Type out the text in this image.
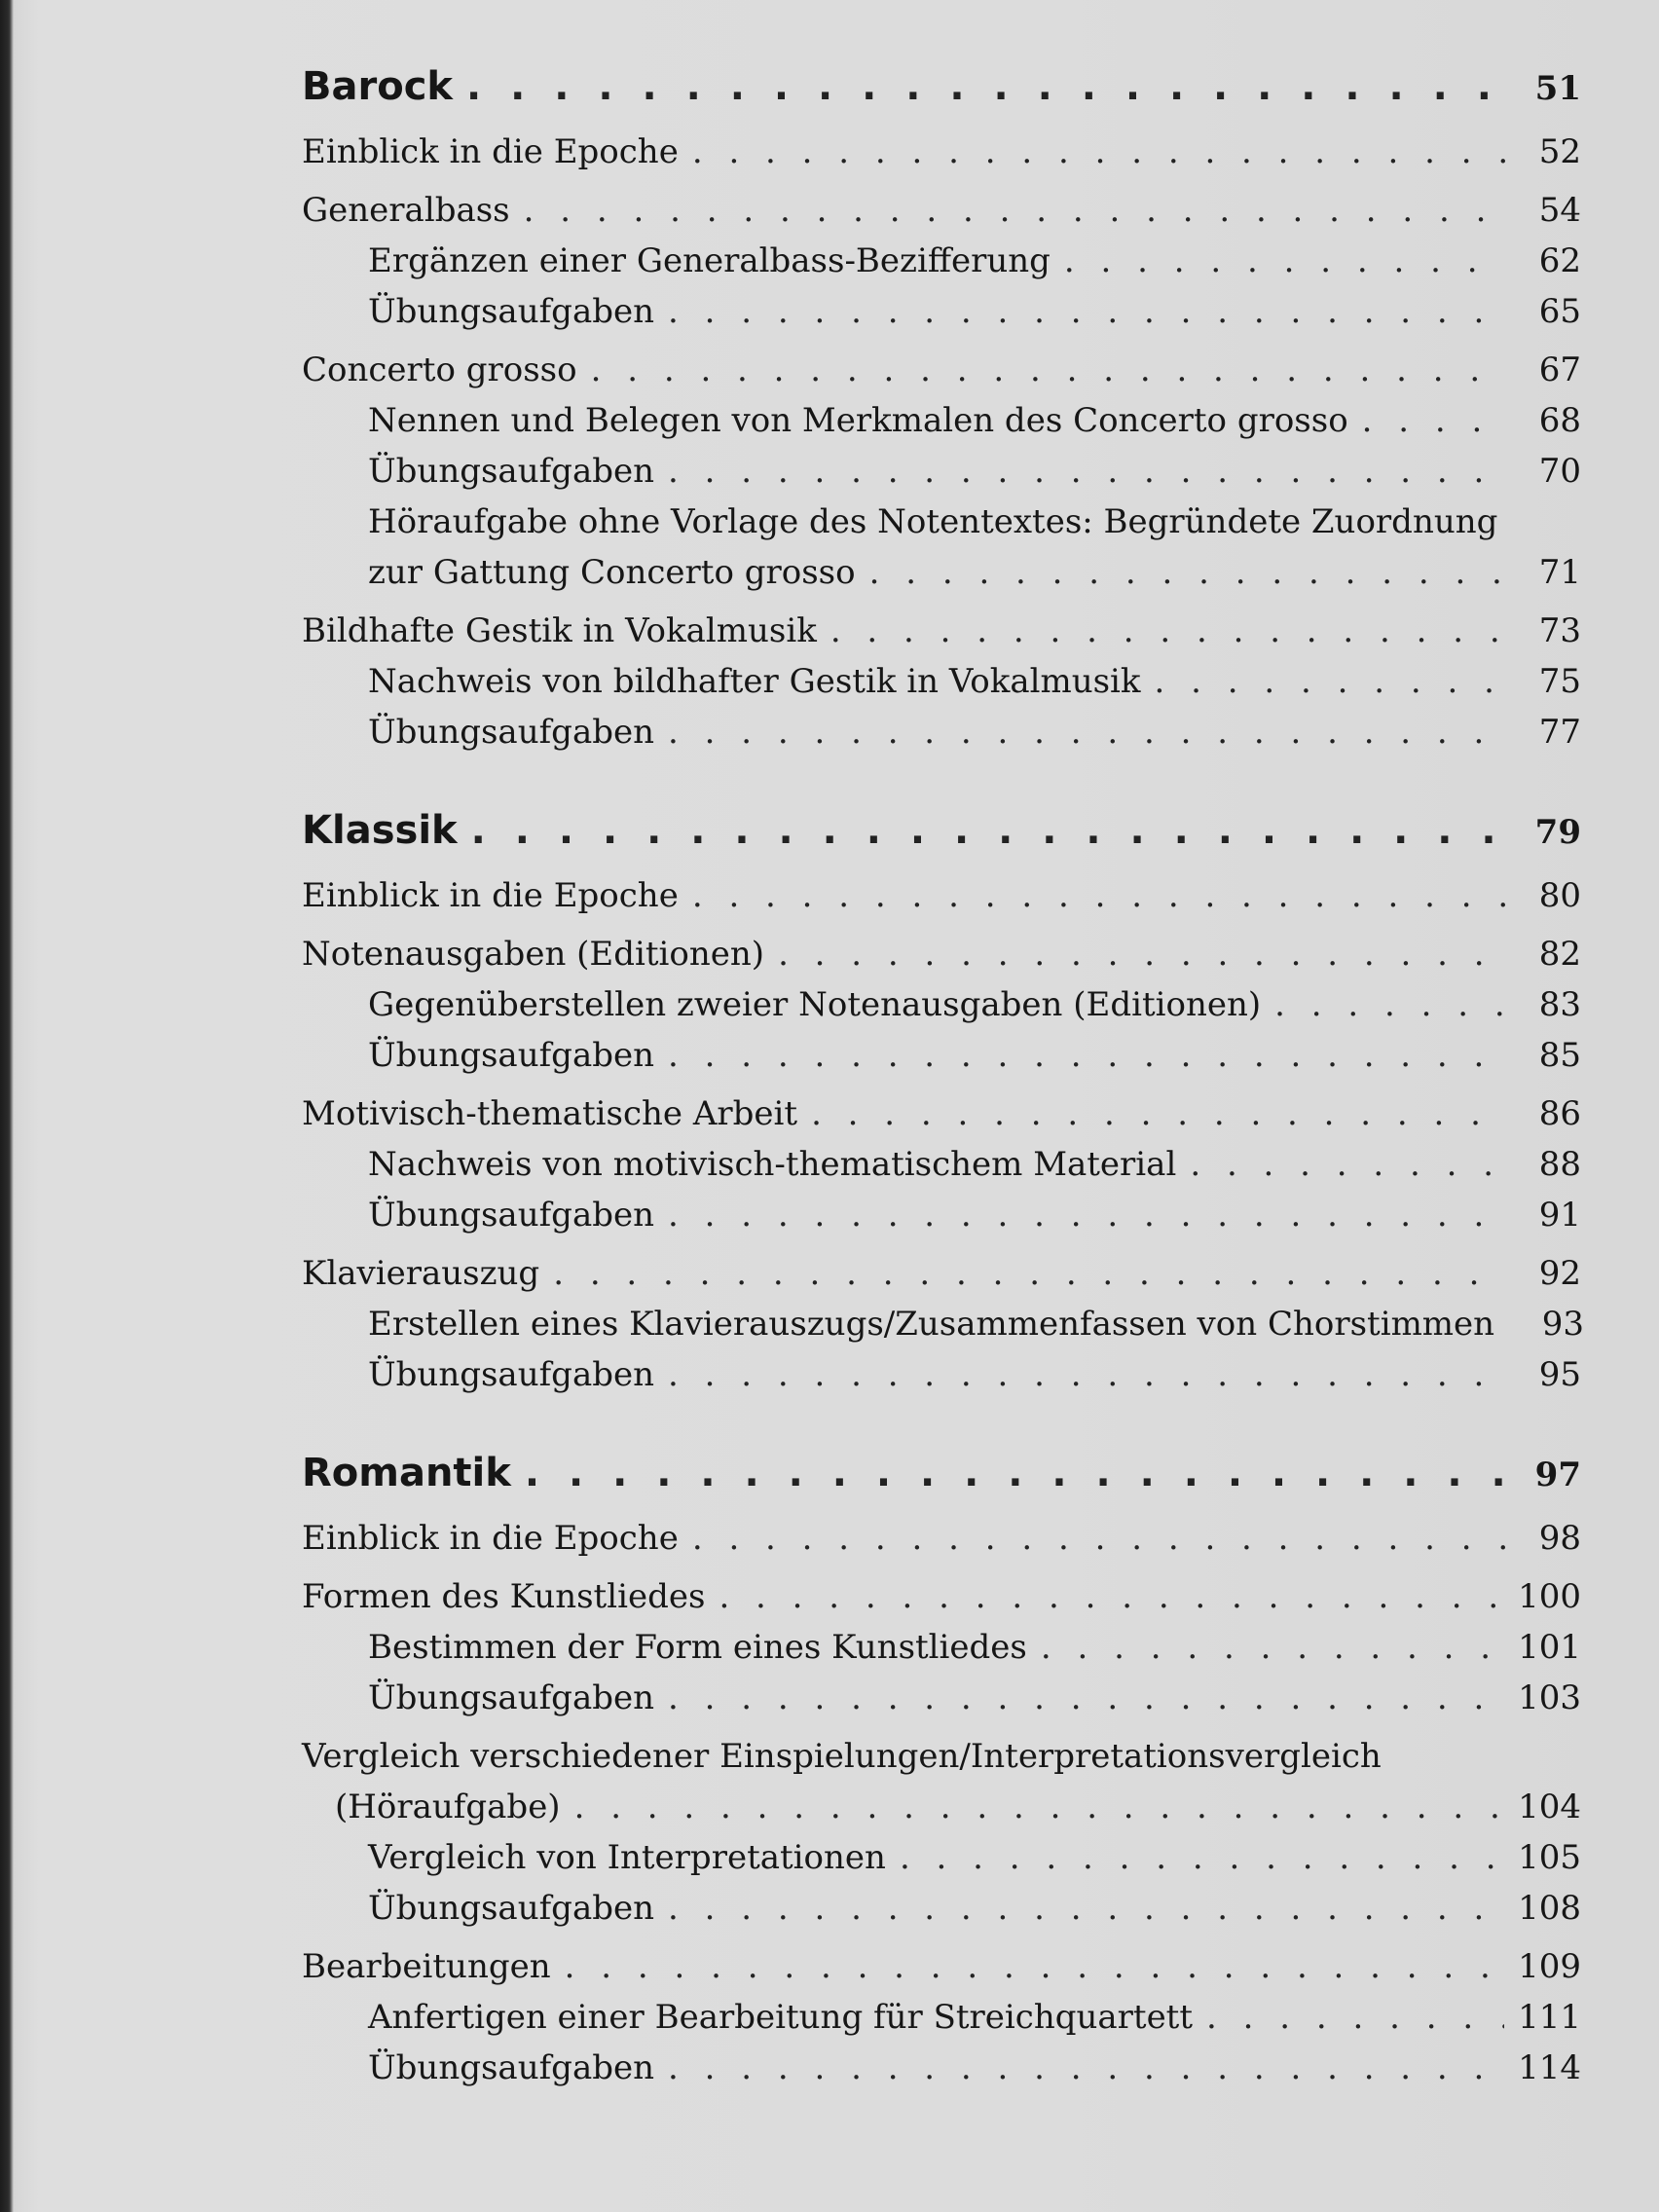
Barock . . .	51
Einblick in die Epoche . . .	52
Generalbass . . .	54
Ergänzen einer Generalbass-Bezifferung . . .	62
Übungsaufgaben . . .	65
Concerto grosso . . .	67
Nennen und Belegen von Merkmalen des Concerto grosso . . .	68
Übungsaufgaben . . .	70
Höraufgabe ohne Vorlage des Notentextes: Begründete Zuordnung
zur Gattung Concerto grosso . . .	71
Bildhafte Gestik in Vokalmusik . . .	73
Nachweis von bildhafter Gestik in Vokalmusik . . .	75
Übungsaufgaben . . .	77
Klassik . . .	79
Einblick in die Epoche . . .	80
Notenausgaben (Editionen) . . .	82
Gegenüberstellen zweier Notenausgaben (Editionen) . . .	83
Übungsaufgaben . . .	85
Motivisch-thematische Arbeit . . .	86
Nachweis von motivisch-thematischem Material . . .	88
Übungsaufgaben . . .	91
Klavierauszug . . .	92
Erstellen eines Klavierauszugs/Zusammenfassen von Chorstimmen	93
Übungsaufgaben . . .	95
Romantik . . .	97
Einblick in die Epoche . . .	98
Formen des Kunstliedes . . .	100
Bestimmen der Form eines Kunstliedes . . .	101
Übungsaufgaben . . .	103
Vergleich verschiedener Einspielungen/Interpretationsvergleich
(Höraufgabe) . . .	104
Vergleich von Interpretationen . . .	105
Übungsaufgaben . . .	108
Bearbeitungen . . .	109
Anfertigen einer Bearbeitung für Streichquartett . . .	111
Übungsaufgaben . . .	114
